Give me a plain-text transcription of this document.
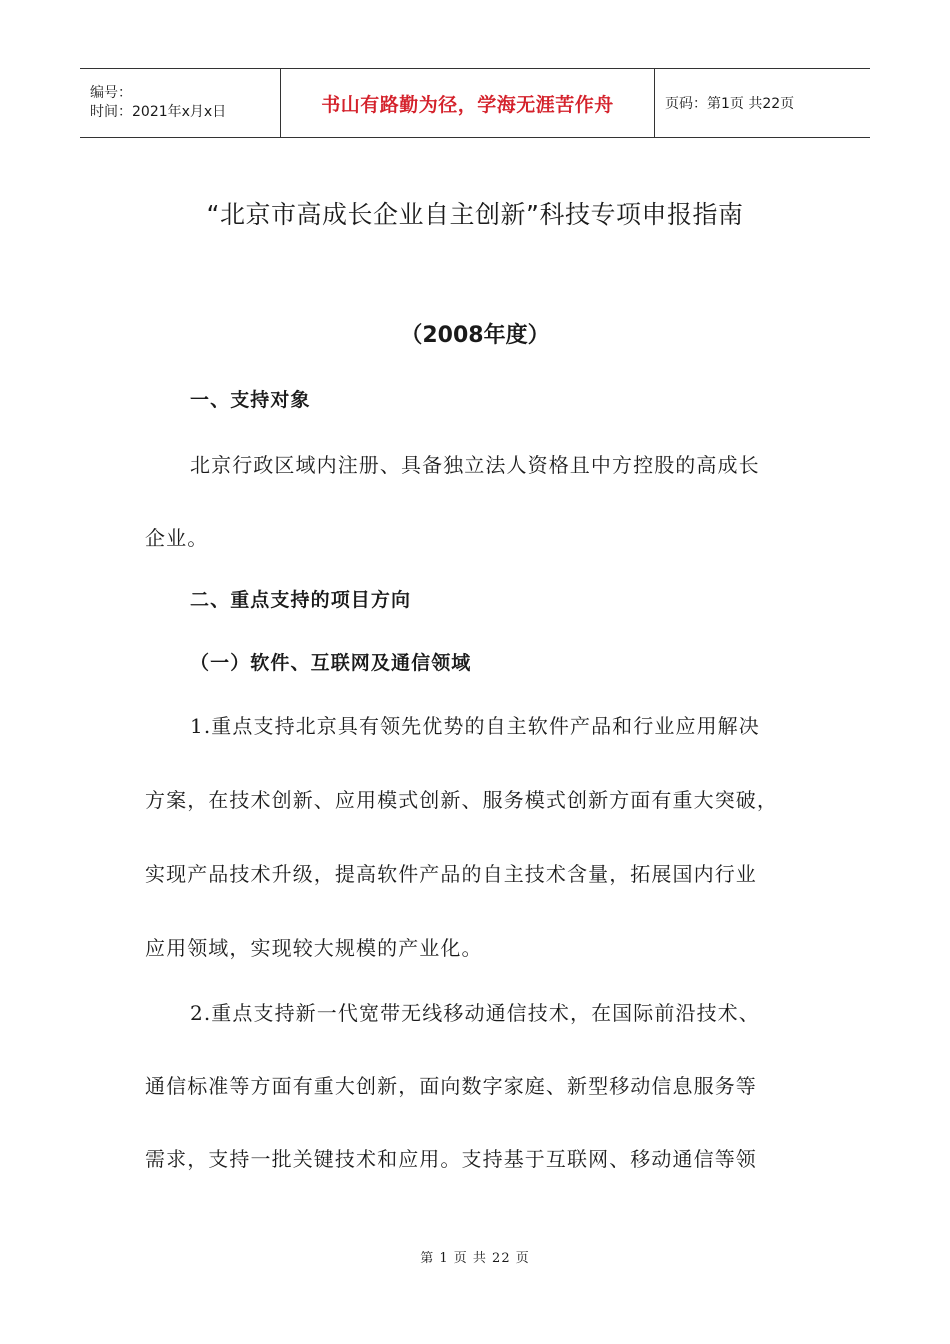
编号：
时间：2021年x月x日	书山有路勤为径，学海无涯苦作舟	页码：第1页 共22页
“北京市高成长企业自主创新”科技专项申报指南
（2008年度）
一、支持对象
北京行政区域内注册、具备独立法人资格且中方控股的高成长
企业。
二、重点支持的项目方向
（一）软件、互联网及通信领域
1.重点支持北京具有领先优势的自主软件产品和行业应用解决
方案，在技术创新、应用模式创新、服务模式创新方面有重大突破，
实现产品技术升级，提高软件产品的自主技术含量，拓展国内行业
应用领域，实现较大规模的产业化。
2.重点支持新一代宽带无线移动通信技术，在国际前沿技术、
通信标准等方面有重大创新，面向数字家庭、新型移动信息服务等
需求，支持一批关键技术和应用。支持基于互联网、移动通信等领
第 1 页 共 22 页
